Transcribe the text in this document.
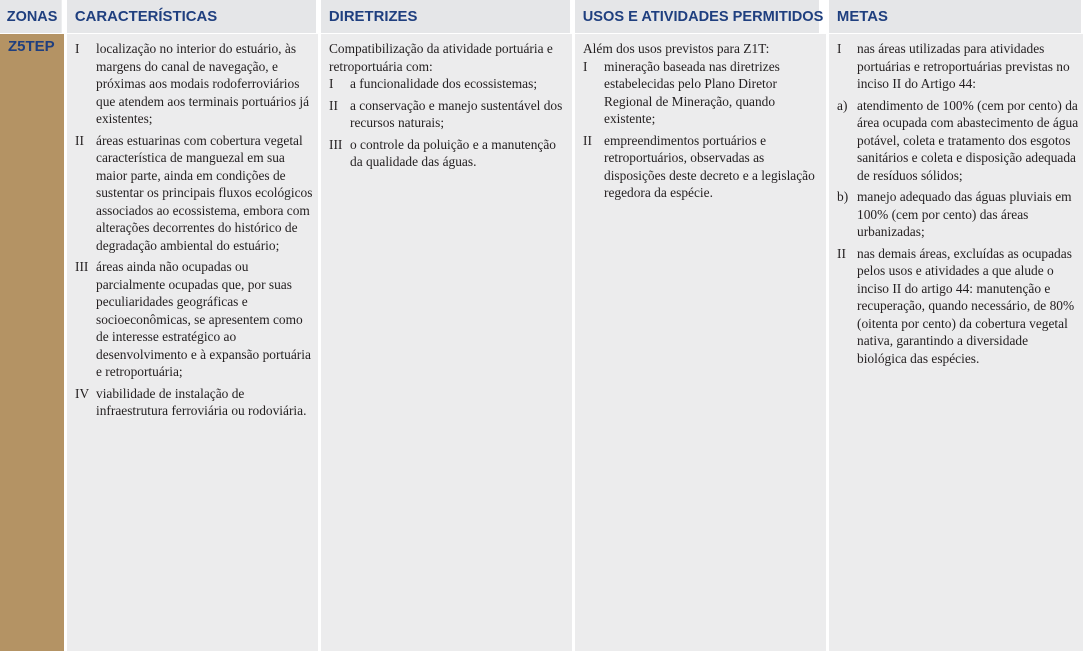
ZONAS
Z5TEP
CARACTERÍSTICAS
I localização no interior do estuário, às margens do canal de navegação, e próximas aos modais rodoferroviários que atendem aos terminais portuários já existentes;
II áreas estuarinas com cobertura vegetal característica de manguezal em sua maior parte, ainda em condições de sustentar os principais fluxos ecológicos associados ao ecossistema, embora com alterações decorrentes do histórico de degradação ambiental do estuário;
III áreas ainda não ocupadas ou parcialmente ocupadas que, por suas peculiaridades geográficas e socioeconômicas, se apresentem como de interesse estratégico ao desenvolvimento e à expansão portuária e retroportuária;
IV viabilidade de instalação de infraestrutura ferroviária ou rodoviária.
DIRETRIZES
Compatibilização da atividade portuária e retroportuária com:
I a funcionalidade dos ecossistemas;
II a conservação e manejo sustentável dos recursos naturais;
III o controle da poluição e a manutenção da qualidade das águas.
USOS E ATIVIDADES PERMITIDOS
Além dos usos previstos para Z1T:
I mineração baseada nas diretrizes estabelecidas pelo Plano Diretor Regional de Mineração, quando existente;
II empreendimentos portuários e retroportuários, observadas as disposições deste decreto e a legislação regedora da espécie.
METAS
I nas áreas utilizadas para atividades portuárias e retroportuárias previstas no inciso II do Artigo 44:
a) atendimento de 100% (cem por cento) da área ocupada com abastecimento de água potável, coleta e tratamento dos esgotos sanitários e coleta e disposição adequada de resíduos sólidos;
b) manejo adequado das águas pluviais em 100% (cem por cento) das áreas urbanizadas;
II nas demais áreas, excluídas as ocupadas pelos usos e atividades a que alude o inciso II do artigo 44: manutenção e recuperação, quando necessário, de 80% (oitenta por cento) da cobertura vegetal nativa, garantindo a diversidade biológica das espécies.
